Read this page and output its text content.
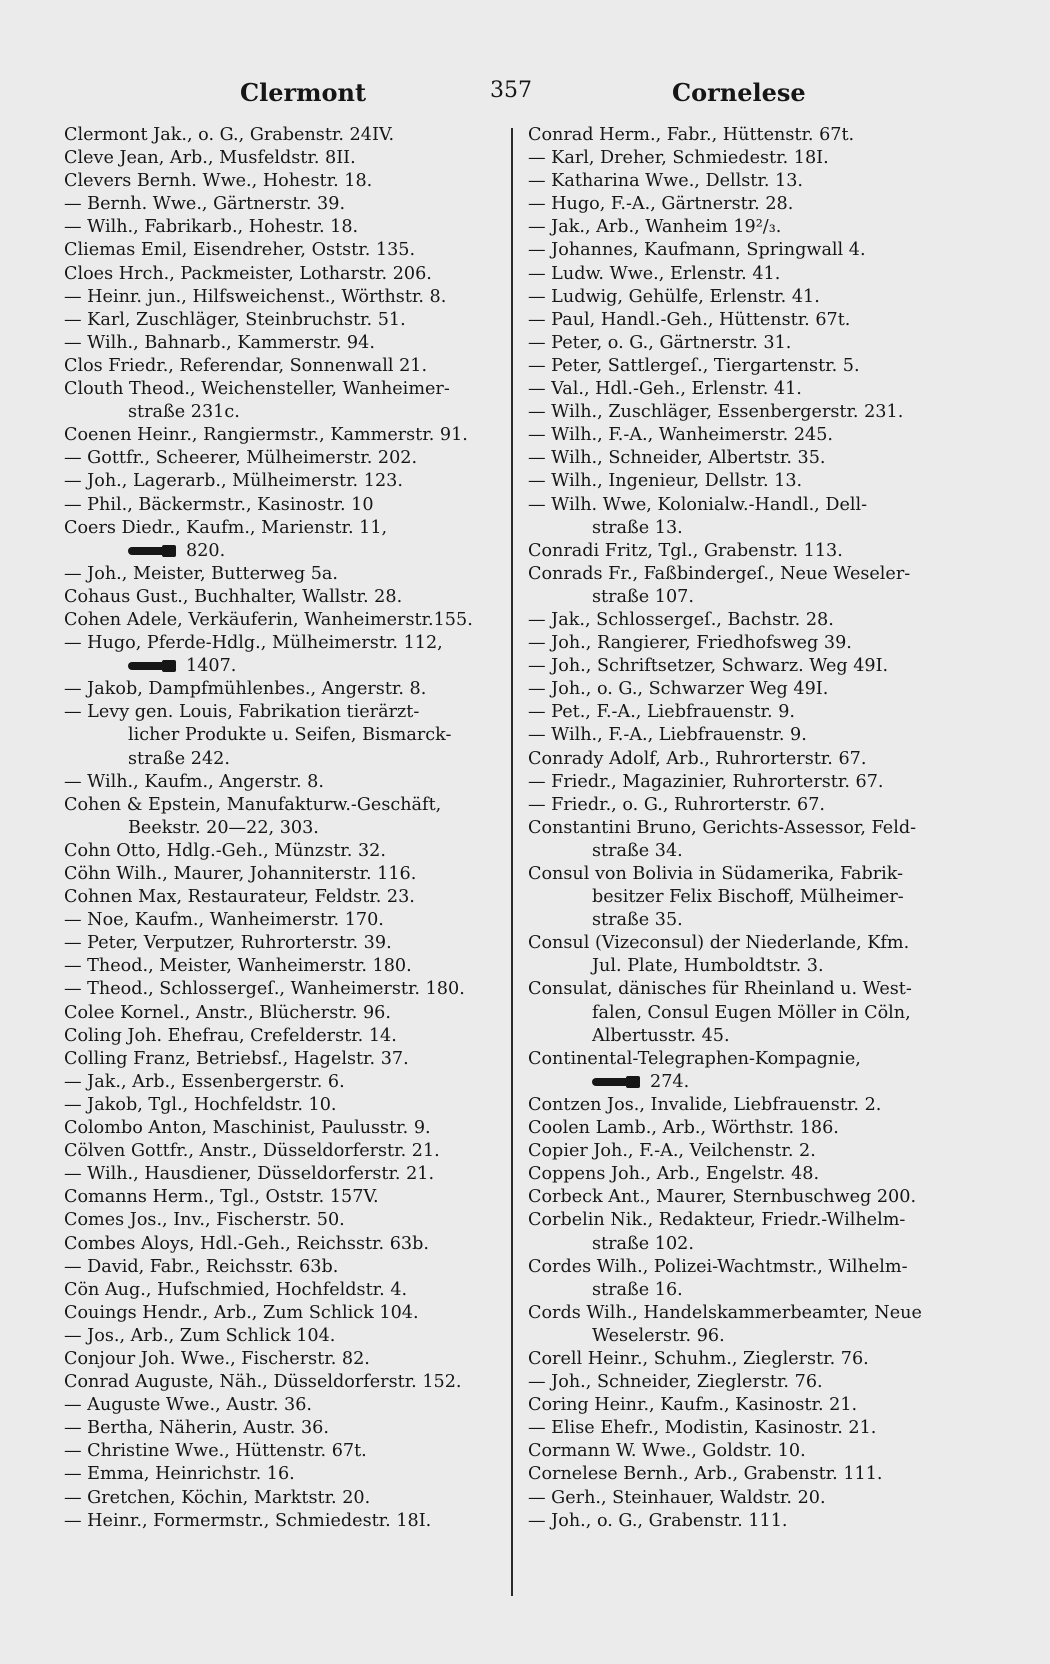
Clermont	357	Cornelese
Clermont Jak., o. G., Grabenstr. 24IV.
Cleve Jean, Arb., Musfeldstr. 8II.
Clevers Bernh. Wwe., Hohestr. 18.
— Bernh. Wwe., Gärtnerstr. 39.
— Wilh., Fabrikarb., Hohestr. 18.
Cliemas Emil, Eisendreher, Oststr. 135.
Cloes Hrch., Packmeister, Lotharstr. 206.
— Heinr. jun., Hilfsweichenst., Wörthstr. 8.
— Karl, Zuschläger, Steinbruchstr. 51.
— Wilh., Bahnarb., Kammerstr. 94.
Clos Friedr., Referendar, Sonnenwall 21.
Clouth Theod., Weichensteller, Wanheimer-
straße 231c.
Coenen Heinr., Rangiermstr., Kammerstr. 91.
— Gottfr., Scheerer, Mülheimerstr. 202.
— Joh., Lagerarb., Mülheimerstr. 123.
— Phil., Bäckermstr., Kasinostr. 10
Coers Diedr., Kaufm., Marienstr. 11,
820.
— Joh., Meister, Butterweg 5a.
Cohaus Gust., Buchhalter, Wallstr. 28.
Cohen Adele, Verkäuferin, Wanheimerstr.155.
— Hugo, Pferde-Hdlg., Mülheimerstr. 112,
1407.
— Jakob, Dampfmühlenbes., Angerstr. 8.
— Levy gen. Louis, Fabrikation tierärzt-
licher Produkte u. Seifen, Bismarck-
straße 242.
— Wilh., Kaufm., Angerstr. 8.
Cohen & Epstein, Manufakturw.-Geschäft,
Beekstr. 20—22, 303.
Cohn Otto, Hdlg.-Geh., Münzstr. 32.
Cöhn Wilh., Maurer, Johanniterstr. 116.
Cohnen Max, Restaurateur, Feldstr. 23.
— Noe, Kaufm., Wanheimerstr. 170.
— Peter, Verputzer, Ruhrorterstr. 39.
— Theod., Meister, Wanheimerstr. 180.
— Theod., Schlossergeſ., Wanheimerstr. 180.
Colee Kornel., Anstr., Blücherstr. 96.
Coling Joh. Ehefrau, Crefelderstr. 14.
Colling Franz, Betriebsf., Hagelstr. 37.
— Jak., Arb., Essenbergerstr. 6.
— Jakob, Tgl., Hochfeldstr. 10.
Colombo Anton, Maschinist, Paulusstr. 9.
Cölven Gottfr., Anstr., Düsseldorferstr. 21.
— Wilh., Hausdiener, Düsseldorferstr. 21.
Comanns Herm., Tgl., Oststr. 157V.
Comes Jos., Inv., Fischerstr. 50.
Combes Aloys, Hdl.-Geh., Reichsstr. 63b.
— David, Fabr., Reichsstr. 63b.
Cön Aug., Hufschmied, Hochfeldstr. 4.
Couings Hendr., Arb., Zum Schlick 104.
— Jos., Arb., Zum Schlick 104.
Conjour Joh. Wwe., Fischerstr. 82.
Conrad Auguste, Näh., Düsseldorferstr. 152.
— Auguste Wwe., Austr. 36.
— Bertha, Näherin, Austr. 36.
— Christine Wwe., Hüttenstr. 67t.
— Emma, Heinrichstr. 16.
— Gretchen, Köchin, Marktstr. 20.
— Heinr., Formermstr., Schmiedestr. 18I.
Conrad Herm., Fabr., Hüttenstr. 67t.
— Karl, Dreher, Schmiedestr. 18I.
— Katharina Wwe., Dellstr. 13.
— Hugo, F.-A., Gärtnerstr. 28.
— Jak., Arb., Wanheim 19²/₃.
— Johannes, Kaufmann, Springwall 4.
— Ludw. Wwe., Erlenstr. 41.
— Ludwig, Gehülfe, Erlenstr. 41.
— Paul, Handl.-Geh., Hüttenstr. 67t.
— Peter, o. G., Gärtnerstr. 31.
— Peter, Sattlergeſ., Tiergartenstr. 5.
— Val., Hdl.-Geh., Erlenstr. 41.
— Wilh., Zuschläger, Essenbergerstr. 231.
— Wilh., F.-A., Wanheimerstr. 245.
— Wilh., Schneider, Albertstr. 35.
— Wilh., Ingenieur, Dellstr. 13.
— Wilh. Wwe, Kolonialw.-Handl., Dell-
straße 13.
Conradi Fritz, Tgl., Grabenstr. 113.
Conrads Fr., Faßbindergeſ., Neue Weseler-
straße 107.
— Jak., Schlossergeſ., Bachstr. 28.
— Joh., Rangierer, Friedhofsweg 39.
— Joh., Schriftsetzer, Schwarz. Weg 49I.
— Joh., o. G., Schwarzer Weg 49I.
— Pet., F.-A., Liebfrauenstr. 9.
— Wilh., F.-A., Liebfrauenstr. 9.
Conrady Adolf, Arb., Ruhrorterstr. 67.
— Friedr., Magazinier, Ruhrorterstr. 67.
— Friedr., o. G., Ruhrorterstr. 67.
Constantini Bruno, Gerichts-Assessor, Feld-
straße 34.
Consul von Bolivia in Südamerika, Fabrik-
besitzer Felix Bischoff, Mülheimer-
straße 35.
Consul (Vizeconsul) der Niederlande, Kfm.
Jul. Plate, Humboldtstr. 3.
Consulat, dänisches für Rheinland u. West-
falen, Consul Eugen Möller in Cöln,
Albertusstr. 45.
Continental-Telegraphen-Kompagnie,
274.
Contzen Jos., Invalide, Liebfrauenstr. 2.
Coolen Lamb., Arb., Wörthstr. 186.
Copier Joh., F.-A., Veilchenstr. 2.
Coppens Joh., Arb., Engelstr. 48.
Corbeck Ant., Maurer, Sternbuschweg 200.
Corbelin Nik., Redakteur, Friedr.-Wilhelm-
straße 102.
Cordes Wilh., Polizei-Wachtmstr., Wilhelm-
straße 16.
Cords Wilh., Handelskammerbeamter, Neue
Weselerstr. 96.
Corell Heinr., Schuhm., Zieglerstr. 76.
— Joh., Schneider, Zieglerstr. 76.
Coring Heinr., Kaufm., Kasinostr. 21.
— Elise Ehefr., Modistin, Kasinostr. 21.
Cormann W. Wwe., Goldstr. 10.
Cornelese Bernh., Arb., Grabenstr. 111.
— Gerh., Steinhauer, Waldstr. 20.
— Joh., o. G., Grabenstr. 111.
